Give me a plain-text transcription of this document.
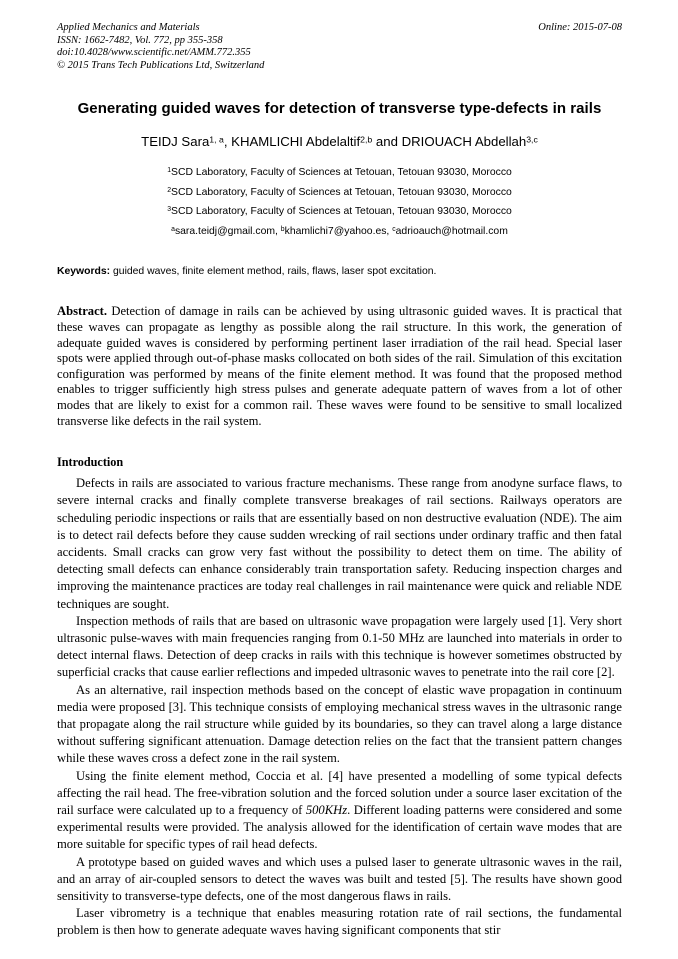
Applied Mechanics and Materials
ISSN: 1662-7482, Vol. 772, pp 355-358
doi:10.4028/www.scientific.net/AMM.772.355
© 2015 Trans Tech Publications Ltd, Switzerland
Online: 2015-07-08
Generating guided waves for detection of transverse type-defects in rails
TEIDJ Sara$^{1, a}$, KHAMLICHI Abdelaltif$^{2,b}$ and DRIOUACH Abdellah$^{3,c}$
$^1$SCD Laboratory, Faculty of Sciences at Tetouan, Tetouan 93030, Morocco
$^2$SCD Laboratory, Faculty of Sciences at Tetouan, Tetouan 93030, Morocco
$^3$SCD Laboratory, Faculty of Sciences at Tetouan, Tetouan 93030, Morocco
$^a$sara.teidj@gmail.com, $^b$khamlichi7@yahoo.es, $^c$adrioauch@hotmail.com
Keywords: guided waves, finite element method, rails, flaws, laser spot excitation.
Abstract. Detection of damage in rails can be achieved by using ultrasonic guided waves. It is practical that these waves can propagate as lengthy as possible along the rail structure. In this work, the generation of adequate guided waves is considered by performing pertinent laser irradiation of the rail head. Special laser spots were applied through out-of-phase masks collocated on both sides of the rail. Simulation of this excitation configuration was performed by means of the finite element method. It was found that the proposed method enables to trigger sufficiently high stress pulses and generate adequate pattern of waves from a lot of other modes that are likely to exist for a common rail. These waves were found to be sensitive to small localized transverse like defects in the rail system.
Introduction

Defects in rails are associated to various fracture mechanisms. These range from anodyne surface flaws, to severe internal cracks and finally complete transverse breakages of rail sections. Railways operators are scheduling periodic inspections or rails that are essentially based on non destructive evaluation (NDE). The aim is to detect rail defects before they cause sudden wrecking of rail sections under ordinary traffic and then fatal accidents. Small cracks can grow very fast without the possibility to detect them on time. The ability of detecting small defects can enhance considerably train transportation safety. Reducing inspection charges and improving the maintenance practices are today real challenges in rail maintenance were quick and reliable NDE techniques are sought.

Inspection methods of rails that are based on ultrasonic wave propagation were largely used [1]. Very short ultrasonic pulse-waves with main frequencies ranging from 0.1-50 MHz are launched into materials in order to detect internal flaws. Detection of deep cracks in rails with this technique is however sometimes obstructed by superficial cracks that cause earlier reflections and impeded ultrasonic waves to penetrate into the rail core [2].

As an alternative, rail inspection methods based on the concept of elastic wave propagation in continuum media were proposed [3]. This technique consists of employing mechanical stress waves in the ultrasonic range that propagate along the rail structure while guided by its boundaries, so they can travel along a large distance without suffering significant attenuation. Damage detection relies on the fact that the transient pattern changes while these waves cross a defect zone in the rail system.

Using the finite element method, Coccia et al. [4] have presented a modelling of some typical defects affecting the rail head. The free-vibration solution and the forced solution under a source laser excitation of the rail surface were calculated up to a frequency of 500KHz. Different loading patterns were considered and some experimental results were provided. The analysis allowed for the identification of certain wave modes that are more suitable for specific types of rail head defects.

A prototype based on guided waves and which uses a pulsed laser to generate ultrasonic waves in the rail, and an array of air-coupled sensors to detect the waves was built and tested [5]. The results have shown good sensitivity to transverse-type defects, one of the most dangerous flaws in rails.

Laser vibrometry is a technique that enables measuring rotation rate of rail sections, the fundamental problem is then how to generate adequate waves having significant components that stir
